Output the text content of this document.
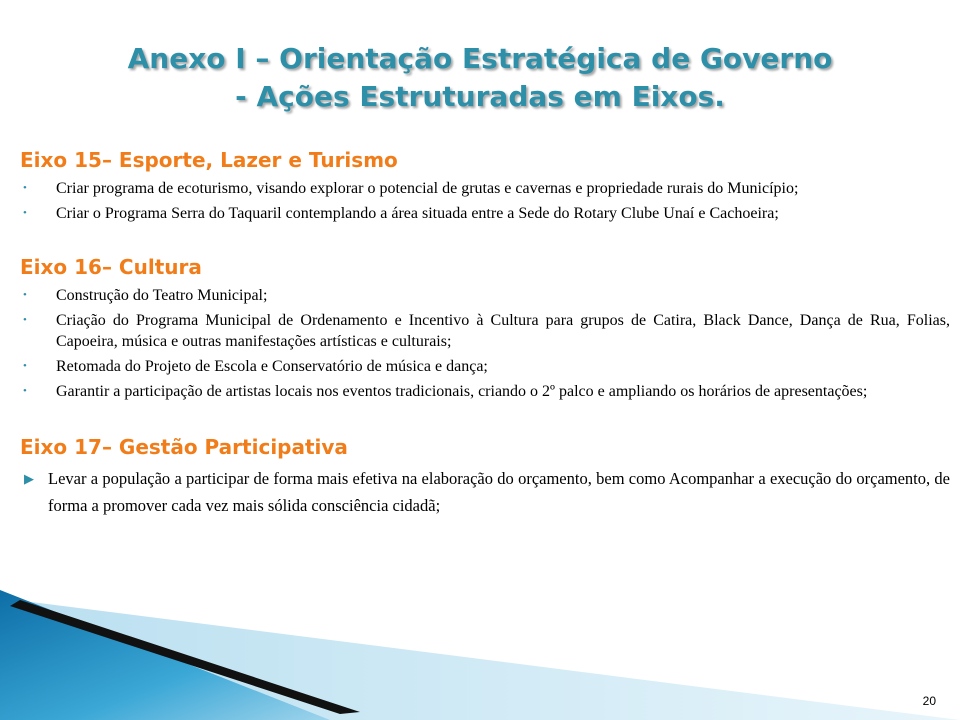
Anexo I – Orientação Estratégica de Governo
- Ações Estruturadas em Eixos.
Eixo 15– Esporte, Lazer e Turismo
• Criar programa de ecoturismo, visando explorar o potencial de grutas e cavernas e propriedade rurais do Município;
• Criar o Programa Serra do Taquaril contemplando a área situada entre a Sede do Rotary Clube Unaí e Cachoeira;
Eixo 16– Cultura
• Construção do Teatro Municipal;
• Criação do Programa Municipal de Ordenamento e Incentivo à Cultura para grupos de Catira, Black Dance, Dança de Rua, Folias, Capoeira, música e outras manifestações artísticas e culturais;
• Retomada do Projeto de Escola e Conservatório de música e dança;
• Garantir a participação de artistas locais nos eventos tradicionais, criando o 2º palco e ampliando os horários de apresentações;
Eixo 17– Gestão Participativa
▶ Levar a população a participar de forma mais efetiva na elaboração do orçamento, bem como Acompanhar a execução do orçamento, de forma a promover cada vez mais sólida consciência cidadã;
20
